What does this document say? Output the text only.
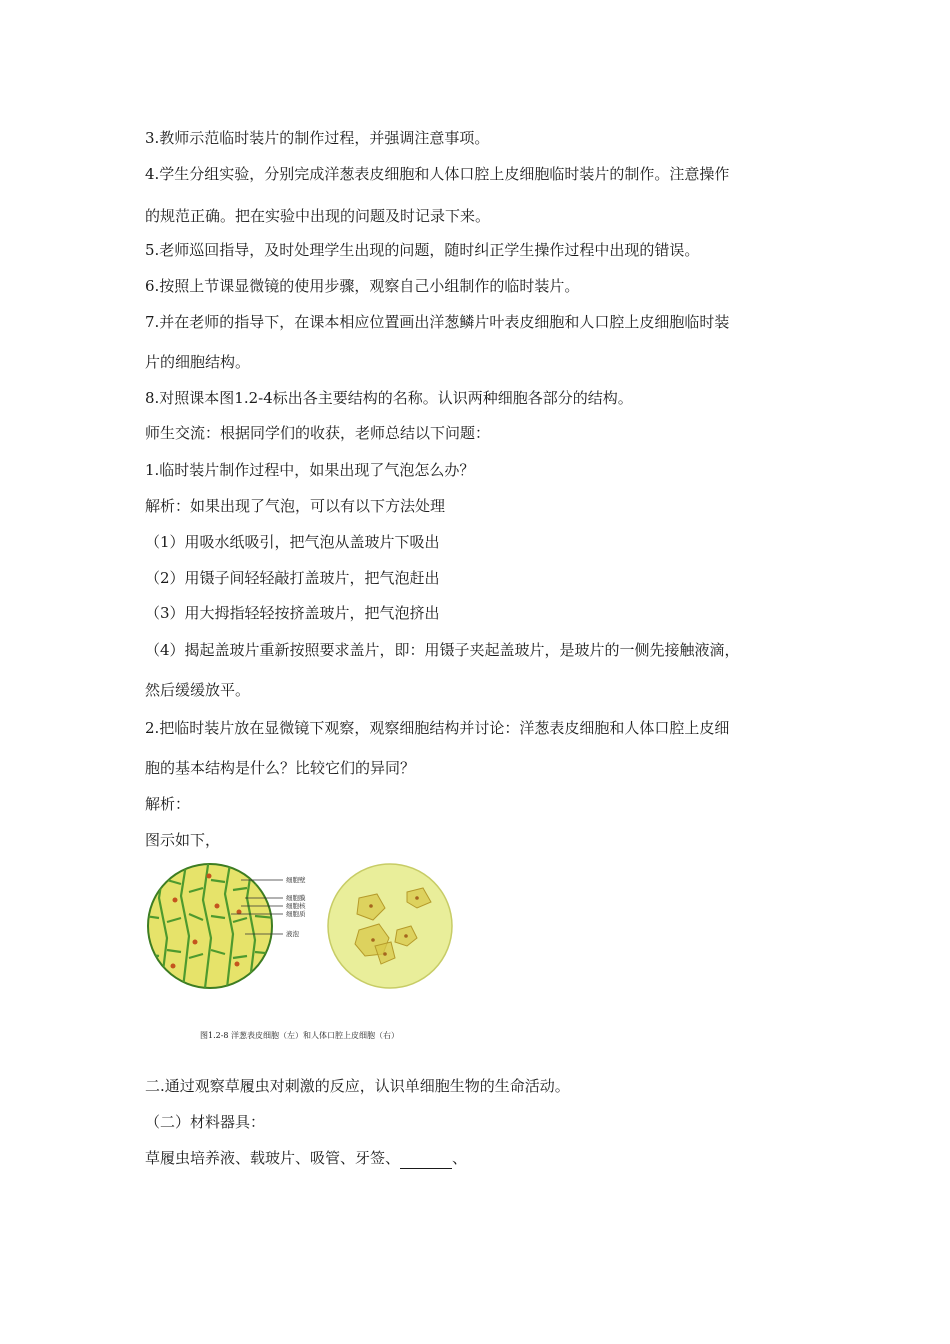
3.教师示范临时装片的制作过程，并强调注意事项。
4.学生分组实验，分别完成洋葱表皮细胞和人体口腔上皮细胞临时装片的制作。注意操作
的规范正确。把在实验中出现的问题及时记录下来。
5.老师巡回指导，及时处理学生出现的问题，随时纠正学生操作过程中出现的错误。
6.按照上节课显微镜的使用步骤，观察自己小组制作的临时装片。
7.并在老师的指导下，在课本相应位置画出洋葱鳞片叶表皮细胞和人口腔上皮细胞临时装
片的细胞结构。
8.对照课本图1.2-4标出各主要结构的名称。认识两种细胞各部分的结构。
师生交流：根据同学们的收获，老师总结以下问题：
1.临时装片制作过程中，如果出现了气泡怎么办？
解析：如果出现了气泡，可以有以下方法处理
（1）用吸水纸吸引，把气泡从盖玻片下吸出
（2）用镊子间轻轻敲打盖玻片，把气泡赶出
（3）用大拇指轻轻按挤盖玻片，把气泡挤出
（4）揭起盖玻片重新按照要求盖片，即：用镊子夹起盖玻片，是玻片的一侧先接触液滴，
然后缓缓放平。
2.把临时装片放在显微镜下观察，观察细胞结构并讨论：洋葱表皮细胞和人体口腔上皮细
胞的基本结构是什么？比较它们的异同？
解析：
图示如下，
细胞壁
细胞膜
细胞核
细胞质
液泡
图1.2-8 洋葱表皮细胞（左）和人体口腔上皮细胞（右）
二.通过观察草履虫对刺激的反应，认识单细胞生物的生命活动。
（二）材料器具：
草履虫培养液、载玻片、吸管、牙签、	、
